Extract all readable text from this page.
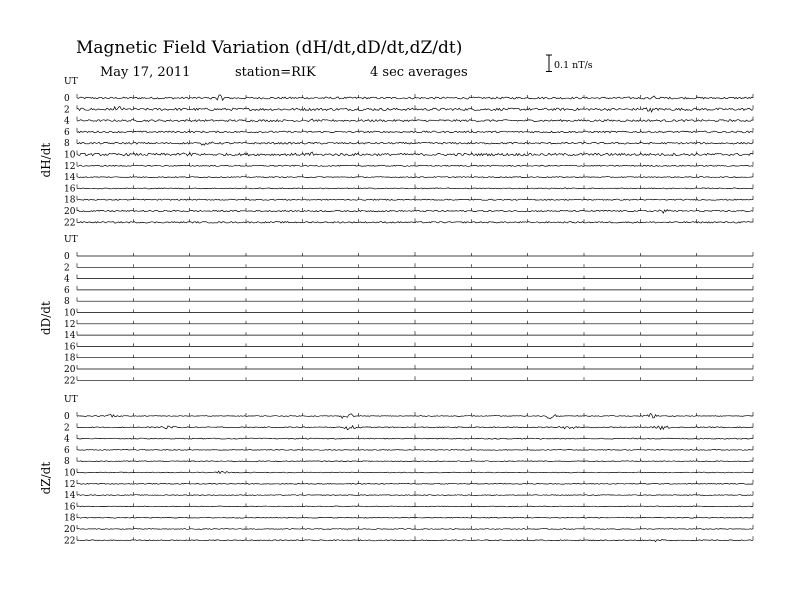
Magnetic Field Variation (dH/dt,dD/dt,dZ/dt)
May 17, 2011	station=RIK	4 sec averages	0.1 nT/s
UT
dH/dt
0
2
4
6
8
10
12
14
16
18
20
22
UT
dD/dt
0
2
4
6
8
10
12
14
16
18
20
22
UT
dZ/dt
0
2
4
6
8
10
12
14
16
18
20
22
